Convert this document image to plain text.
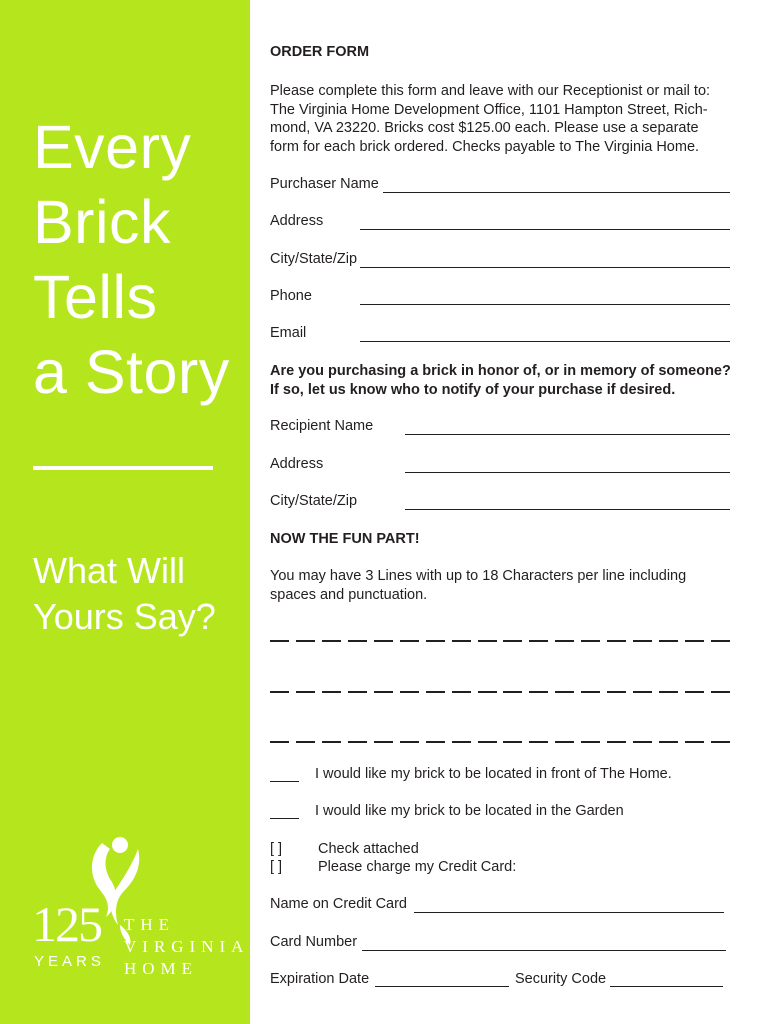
Every
Brick
Tells
a Story
What Will
Yours Say?
125
YEARS
THE
VIRGINIA
HOME
ORDER FORM
Please complete this form and leave with our Receptionist or mail to:
The Virginia Home Development Office, 1101 Hampton Street, Rich-
mond, VA 23220. Bricks cost $125.00 each. Please use a separate
form for each brick ordered. Checks payable to The Virginia Home.
Purchaser Name
Address
City/State/Zip
Phone
Email
Are you purchasing a brick in honor of, or in memory of someone?
If so, let us know who to notify of your purchase if desired.
Recipient Name
Address
City/State/Zip
NOW THE FUN PART!
You may have 3 Lines with up to 18 Characters per line including
spaces and punctuation.
I would like my brick to be located in front of The Home.
I would like my brick to be located in the Garden
[ ] Check attached
[ ] Please charge my Credit Card:
Name on Credit Card
Card Number
Expiration Date	Security Code
